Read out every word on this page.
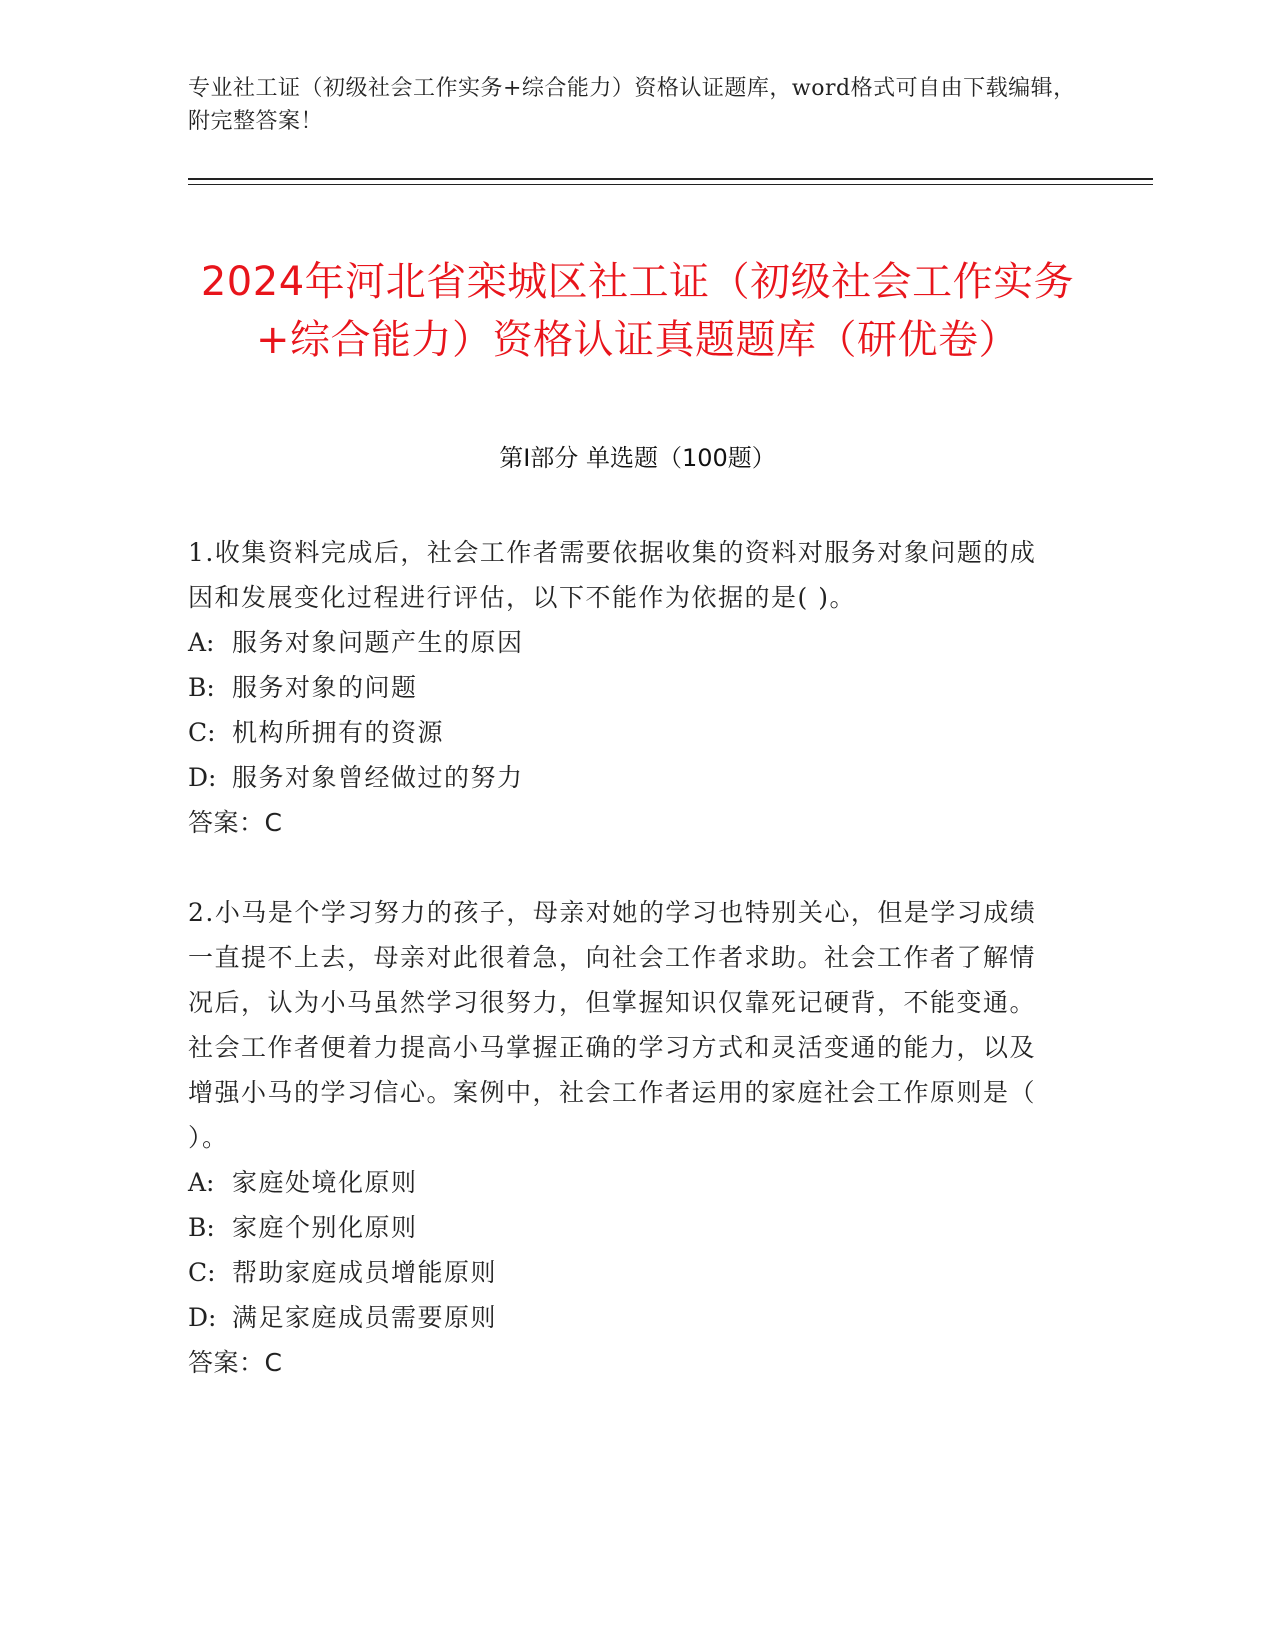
专业社工证（初级社会工作实务+综合能力）资格认证题库，word格式可自由下载编辑，附完整答案！
2024年河北省栾城区社工证（初级社会工作实务+综合能力）资格认证真题题库（研优卷）
第I部分 单选题（100题）

1.收集资料完成后，社会工作者需要依据收集的资料对服务对象问题的成因和发展变化过程进行评估，以下不能作为依据的是( )。

A: 服务对象问题产生的原因

B: 服务对象的问题

C: 机构所拥有的资源

D: 服务对象曾经做过的努力

答案：C

2.小马是个学习努力的孩子，母亲对她的学习也特别关心，但是学习成绩一直提不上去，母亲对此很着急，向社会工作者求助。社会工作者了解情况后，认为小马虽然学习很努力，但掌握知识仅靠死记硬背，不能变通。社会工作者便着力提高小马掌握正确的学习方式和灵活变通的能力，以及增强小马的学习信心。案例中，社会工作者运用的家庭社会工作原则是（ ）。

A: 家庭处境化原则

B: 家庭个别化原则

C: 帮助家庭成员增能原则

D: 满足家庭成员需要原则

答案：C
